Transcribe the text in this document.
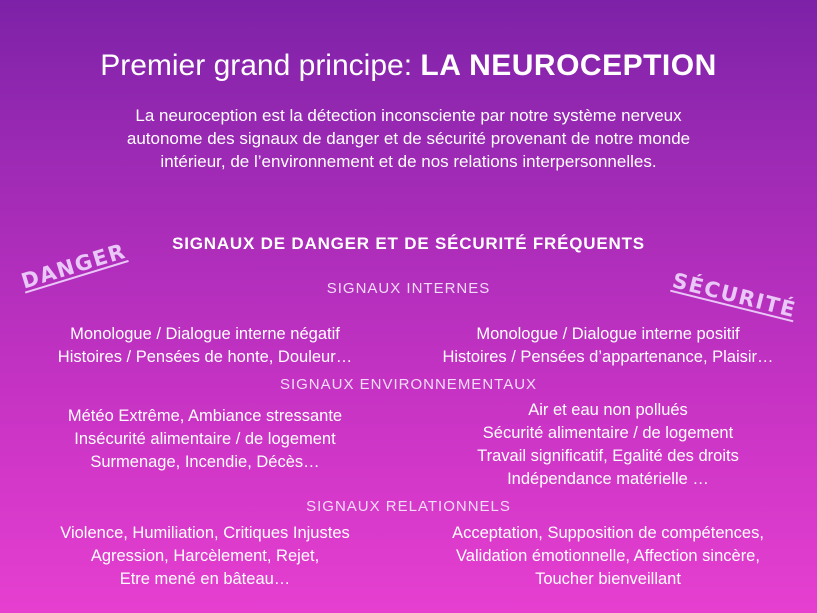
Premier grand principe: LA NEUROCEPTION
La neuroception est la détection inconsciente par notre système nerveux
autonome des signaux de danger et de sécurité provenant de notre monde
intérieur, de l’environnement et de nos relations interpersonnelles.
SIGNAUX DE DANGER ET DE SÉCURITÉ FRÉQUENTS
DANGER
SÉCURITÉ
SIGNAUX INTERNES
Monologue / Dialogue interne négatif
Histoires / Pensées de honte, Douleur…
Monologue / Dialogue interne positif
Histoires / Pensées d’appartenance, Plaisir…
SIGNAUX ENVIRONNEMENTAUX
Météo Extrême, Ambiance stressante
Insécurité alimentaire / de logement
Surmenage, Incendie, Décès…
Air et eau non pollués
Sécurité alimentaire / de logement
Travail significatif, Egalité des droits
Indépendance matérielle …
SIGNAUX RELATIONNELS
Violence, Humiliation, Critiques Injustes
Agression, Harcèlement, Rejet,
Etre mené en bâteau…
Acceptation, Supposition de compétences,
Validation émotionnelle, Affection sincère,
Toucher bienveillant
